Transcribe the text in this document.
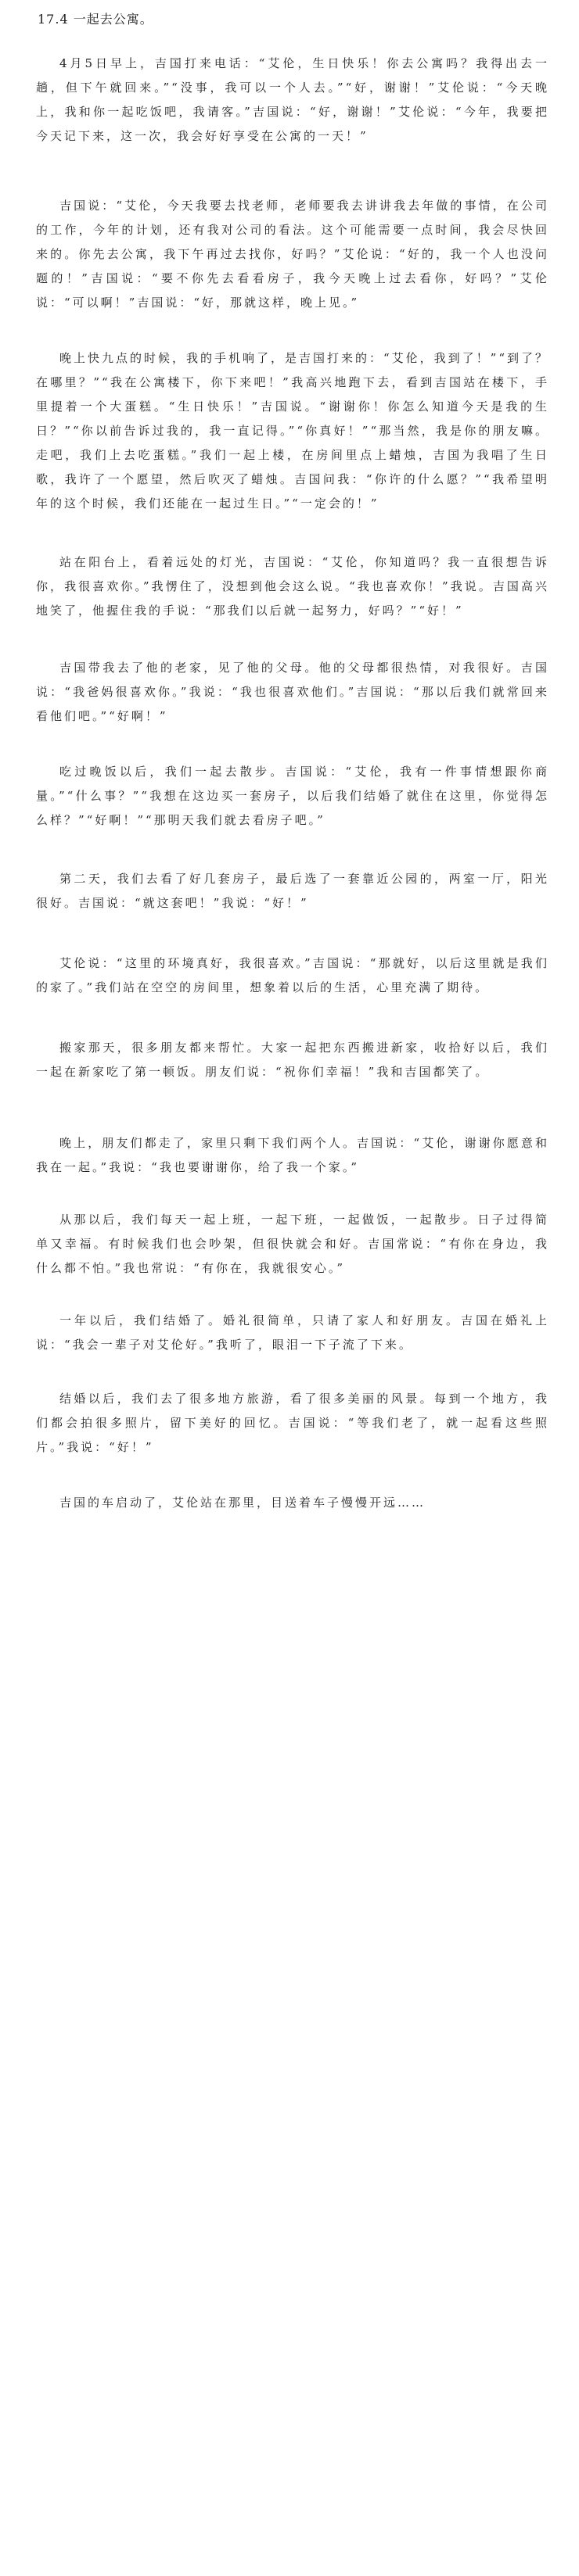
17.4 一起去公寓。

4月5日早上，吉国打来电话：“艾伦，生日快乐！你去公寓吗？我得出去一趟，但下午就回来。”“没事，我可以一个人去。”“好，谢谢！”艾伦说：“今天晚上，我和你一起吃饭吧，我请客。”吉国说：“好，谢谢！”艾伦说：“今年，我要把今天记下来，这一次，我会好好享受在公寓的一天！”

吉国说：“艾伦，今天我要去找老师，老师要我去讲讲我去年做的事情，在公司的工作，今年的计划，还有我对公司的看法。这个可能需要一点时间，我会尽快回来的。你先去公寓，我下午再过去找你，好吗？”艾伦说：“好的，我一个人也没问题的！”吉国说：“要不你先去看看房子，我今天晚上过去看你，好吗？”艾伦说：“可以啊！”吉国说：“好，那就这样，晚上见。”

晚上快九点的时候，我的手机响了，是吉国打来的：“艾伦，我到了！”“到了？在哪里？”“我在公寓楼下，你下来吧！”我高兴地跑下去，看到吉国站在楼下，手里提着一个大蛋糕。“生日快乐！”吉国说。“谢谢你！你怎么知道今天是我的生日？”“你以前告诉过我的，我一直记得。”“你真好！”“那当然，我是你的朋友嘛。走吧，我们上去吃蛋糕。”我们一起上楼，在房间里点上蜡烛，吉国为我唱了生日歌，我许了一个愿望，然后吹灭了蜡烛。吉国问我：“你许的什么愿？”“我希望明年的这个时候，我们还能在一起过生日。”“一定会的！”

站在阳台上，看着远处的灯光，吉国说：“艾伦，你知道吗？我一直很想告诉你，我很喜欢你。”我愣住了，没想到他会这么说。“我也喜欢你！”我说。吉国高兴地笑了，他握住我的手说：“那我们以后就一起努力，好吗？”“好！”

吉国带我去了他的老家，见了他的父母。他的父母都很热情，对我很好。吉国说：“我爸妈很喜欢你。”我说：“我也很喜欢他们。”吉国说：“那以后我们就常回来看他们吧。”“好啊！”

吃过晚饭以后，我们一起去散步。吉国说：“艾伦，我有一件事情想跟你商量。”“什么事？”“我想在这边买一套房子，以后我们结婚了就住在这里，你觉得怎么样？”“好啊！”“那明天我们就去看房子吧。”

第二天，我们去看了好几套房子，最后选了一套靠近公园的，两室一厅，阳光很好。吉国说：“就这套吧！”我说：“好！”

艾伦说：“这里的环境真好，我很喜欢。”吉国说：“那就好，以后这里就是我们的家了。”我们站在空空的房间里，想象着以后的生活，心里充满了期待。

搬家那天，很多朋友都来帮忙。大家一起把东西搬进新家，收拾好以后，我们一起在新家吃了第一顿饭。朋友们说：“祝你们幸福！”我和吉国都笑了。

晚上，朋友们都走了，家里只剩下我们两个人。吉国说：“艾伦，谢谢你愿意和我在一起。”我说：“我也要谢谢你，给了我一个家。”

从那以后，我们每天一起上班，一起下班，一起做饭，一起散步。日子过得简单又幸福。有时候我们也会吵架，但很快就会和好。吉国常说：“有你在身边，我什么都不怕。”我也常说：“有你在，我就很安心。”

一年以后，我们结婚了。婚礼很简单，只请了家人和好朋友。吉国在婚礼上说：“我会一辈子对艾伦好。”我听了，眼泪一下子流了下来。

结婚以后，我们去了很多地方旅游，看了很多美丽的风景。每到一个地方，我们都会拍很多照片，留下美好的回忆。吉国说：“等我们老了，就一起看这些照片。”我说：“好！”

吉国的车启动了，艾伦站在那里，目送着车子慢慢开远……
